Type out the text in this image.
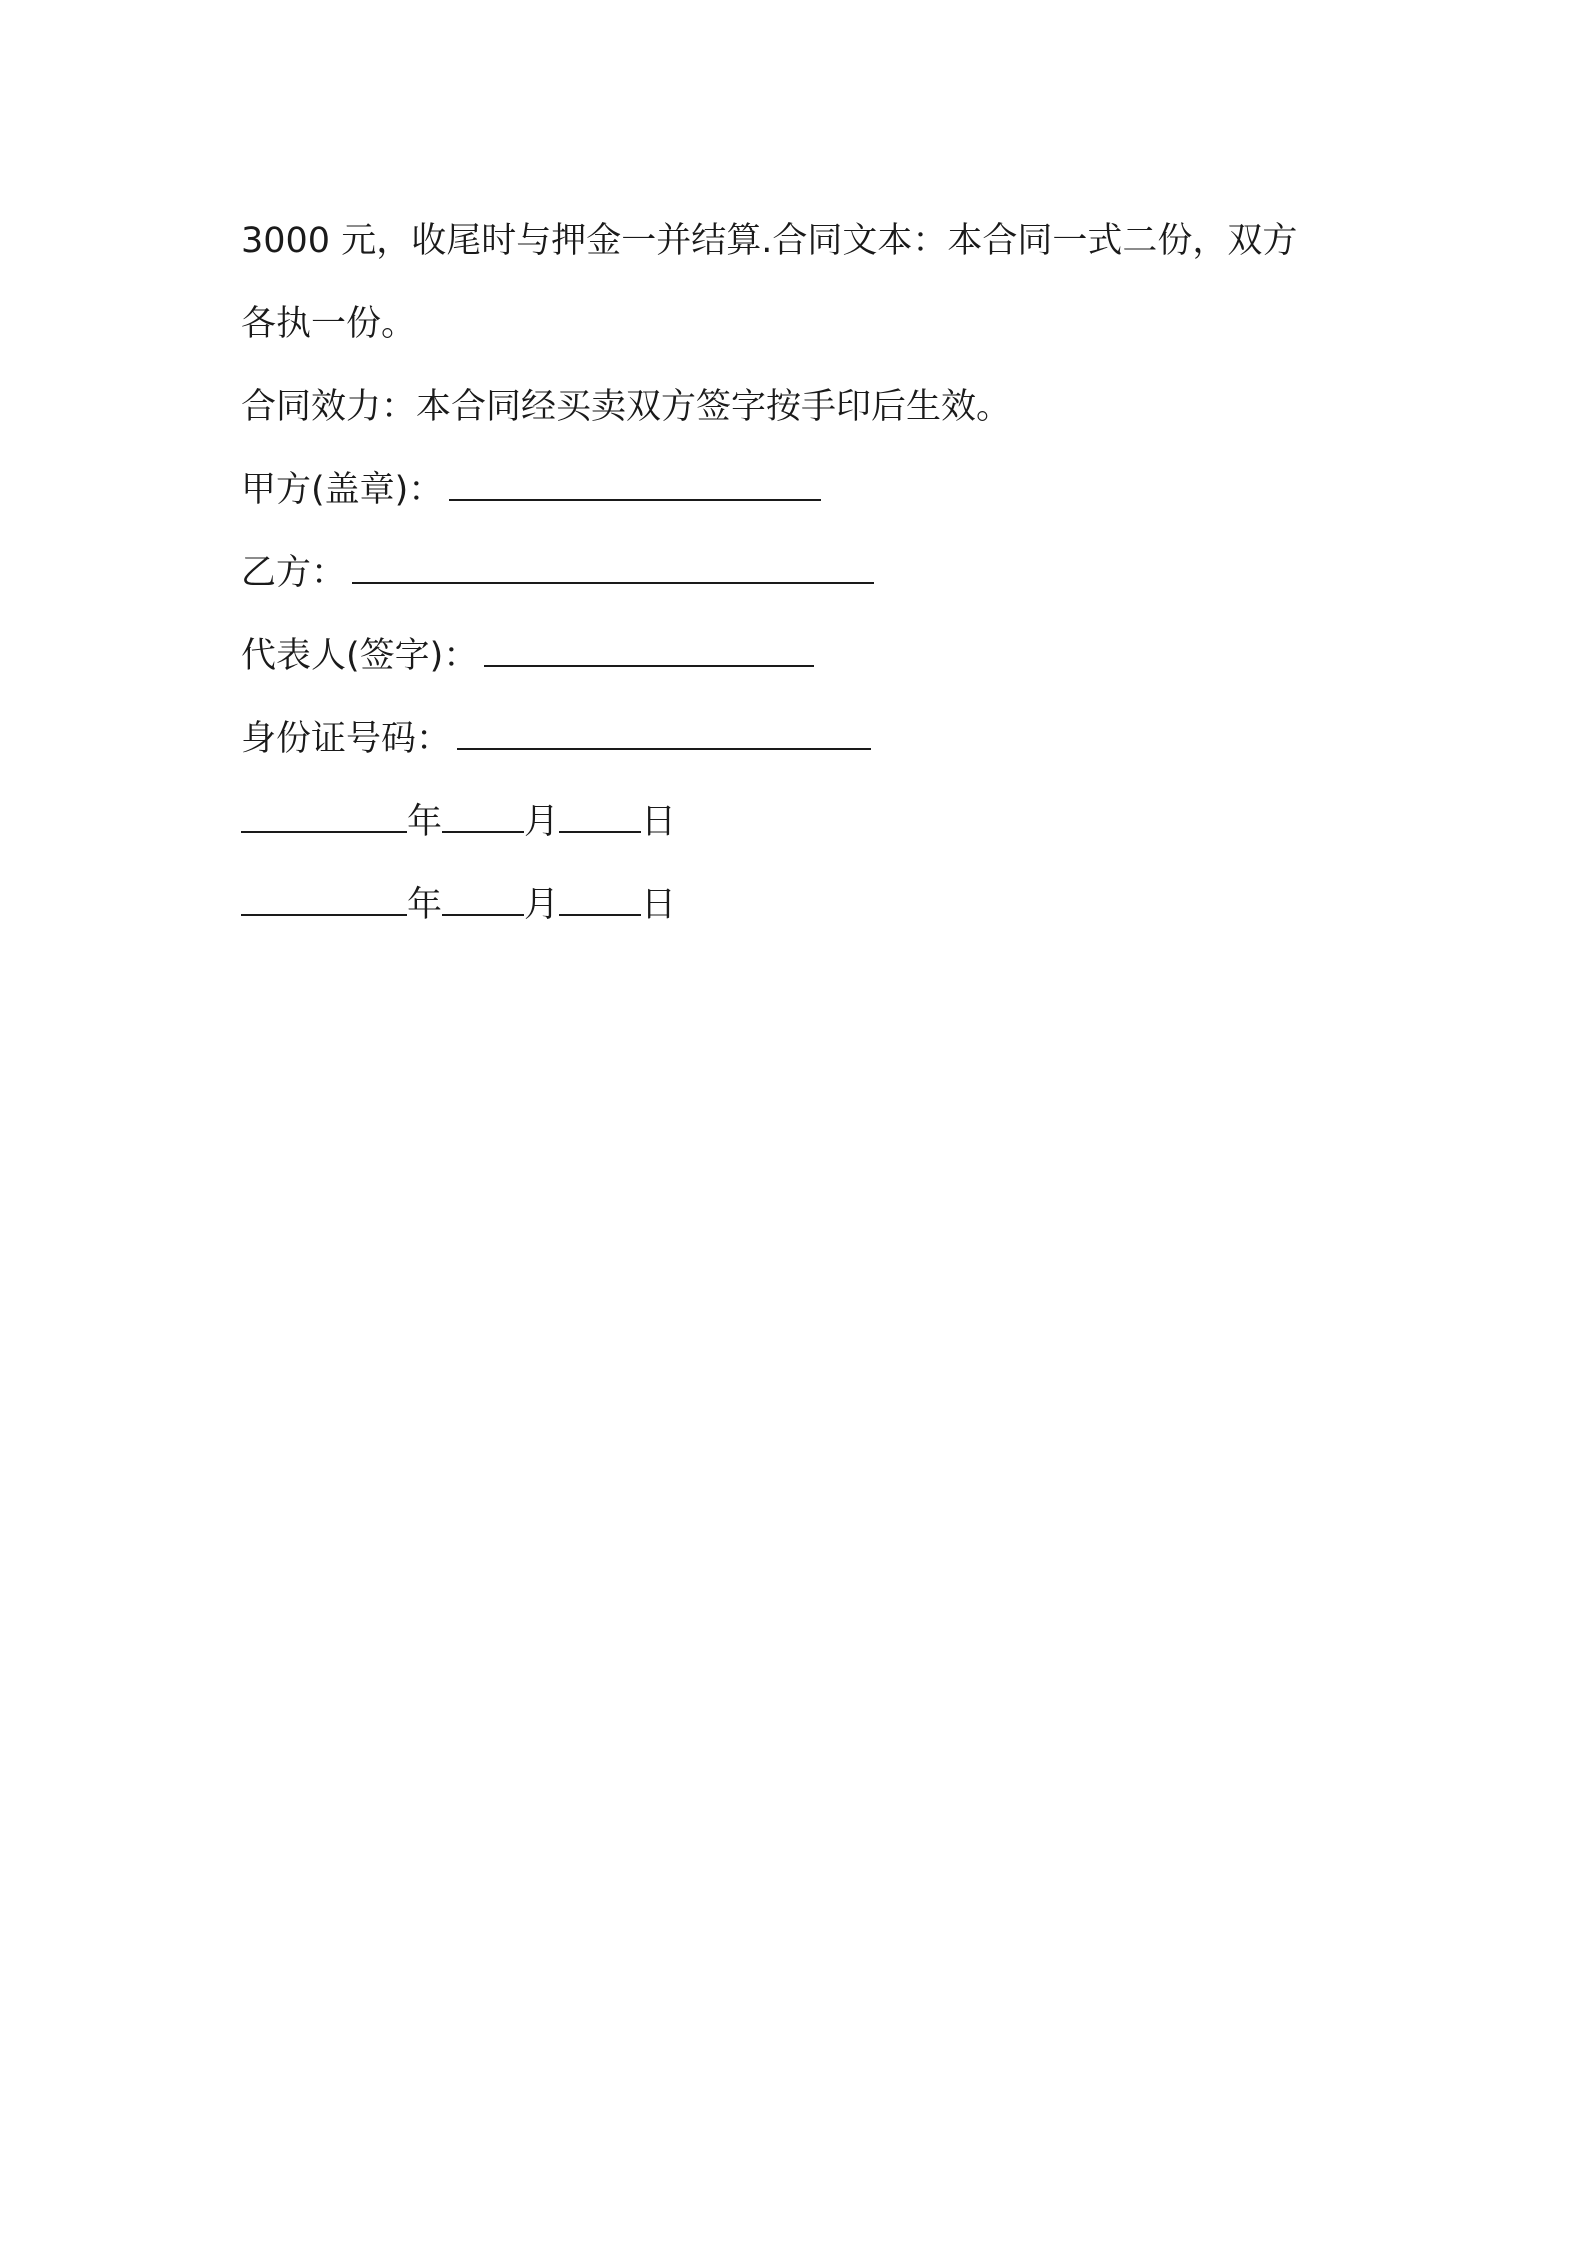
3000 元，收尾时与押金一并结算.合同文本：本合同一式二份，双方
各执一份。
合同效力：本合同经买卖双方签字按手印后生效。
甲方(盖章)：
乙方：
代表人(签字)：
身份证号码：
年 月 日
年 月 日
